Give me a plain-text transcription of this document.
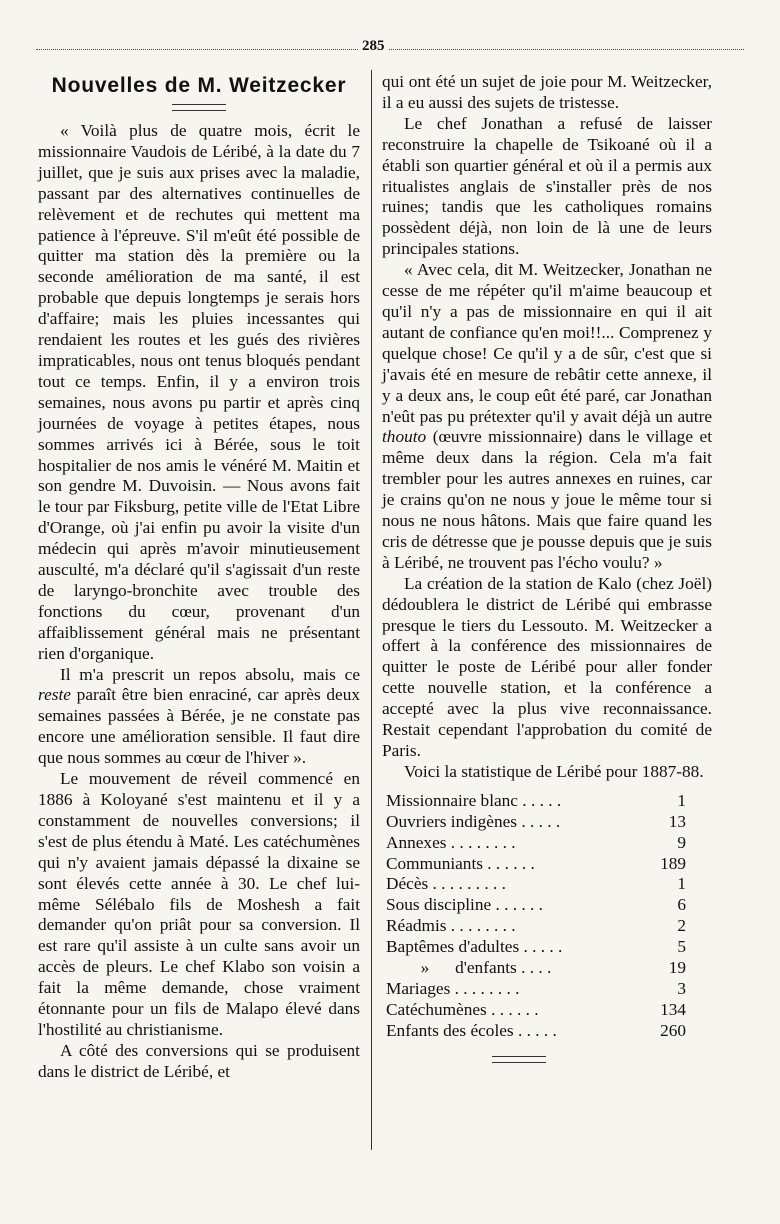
285
Nouvelles de M. Weitzecker

« Voilà plus de quatre mois, écrit le missionnaire Vaudois de Léribé, à la date du 7 juillet, que je suis aux prises avec la maladie, passant par des alternatives continuelles de relèvement et de rechutes qui mettent ma patience à l'épreuve. S'il m'eût été possible de quitter ma station dès la première ou la seconde amélioration de ma santé, il est probable que depuis longtemps je serais hors d'affaire; mais les pluies incessantes qui rendaient les routes et les gués des rivières impraticables, nous ont tenus bloqués pendant tout ce temps. Enfin, il y a environ trois semaines, nous avons pu partir et après cinq journées de voyage à petites étapes, nous sommes arrivés ici à Bérée, sous le toit hospitalier de nos amis le vénéré M. Maitin et son gendre M. Duvoisin. — Nous avons fait le tour par Fiksburg, petite ville de l'Etat Libre d'Orange, où j'ai enfin pu avoir la visite d'un médecin qui après m'avoir minutieusement ausculté, m'a déclaré qu'il s'agissait d'un reste de laryngo-bronchite avec trouble des fonctions du cœur, provenant d'un affaiblissement général mais ne présentant rien d'organique.

Il m'a prescrit un repos absolu, mais ce reste paraît être bien enraciné, car après deux semaines passées à Bérée, je ne constate pas encore une amélioration sensible. Il faut dire que nous sommes au cœur de l'hiver ».

Le mouvement de réveil commencé en 1886 à Koloyané s'est maintenu et il y a constamment de nouvelles conversions; il s'est de plus étendu à Maté. Les catéchumènes qui n'y avaient jamais dépassé la dixaine se sont élevés cette année à 30. Le chef lui-même Sélébalo fils de Moshesh a fait demander qu'on priât pour sa conversion. Il est rare qu'il assiste à un culte sans avoir un accès de pleurs. Le chef Klabo son voisin a fait la même demande, chose vraiment étonnante pour un fils de Malapo élevé dans l'hostilité au christianisme.

A côté des conversions qui se produisent dans le district de Léribé, et

qui ont été un sujet de joie pour M. Weitzecker, il a eu aussi des sujets de tristesse.

Le chef Jonathan a refusé de laisser reconstruire la chapelle de Tsikoané où il a établi son quartier général et où il a permis aux ritualistes anglais de s'installer près de nos ruines; tandis que les catholiques romains possèdent déjà, non loin de là une de leurs principales stations.

« Avec cela, dit M. Weitzecker, Jonathan ne cesse de me répéter qu'il m'aime beaucoup et qu'il n'y a pas de missionnaire en qui il ait autant de confiance qu'en moi!!... Comprenez y quelque chose! Ce qu'il y a de sûr, c'est que si j'avais été en mesure de rebâtir cette annexe, il y a deux ans, le coup eût été paré, car Jonathan n'eût pas pu prétexter qu'il y avait déjà un autre thouto (œuvre missionnaire) dans le village et même deux dans la région. Cela m'a fait trembler pour les autres annexes en ruines, car je crains qu'on ne nous y joue le même tour si nous ne nous hâtons. Mais que faire quand les cris de détresse que je pousse depuis que je suis à Léribé, ne trouvent pas l'écho voulu? »

La création de la station de Kalo (chez Joël) dédoublera le district de Léribé qui embrasse presque le tiers du Lessouto. M. Weitzecker a offert à la conférence des missionnaires de quitter le poste de Léribé pour aller fonder cette nouvelle station, et la conférence a accepté avec la plus vive reconnaissance. Restait cependant l'approbation du comité de Paris.

Voici la statistique de Léribé pour 1887-88.

Missionnaire blanc . . . . .	1
Ouvriers indigènes . . . . .	13
Annexes . . . . . . . .	9
Communiants . . . . . .	189
Décès . . . . . . . . .	1
Sous discipline . . . . . .	6
Réadmis . . . . . . . .	2
Baptêmes d'adultes . . . . .	5
»      d'enfants . . . .	19
Mariages . . . . . . . .	3
Catéchumènes . . . . . .	134
Enfants des écoles . . . . .	260
